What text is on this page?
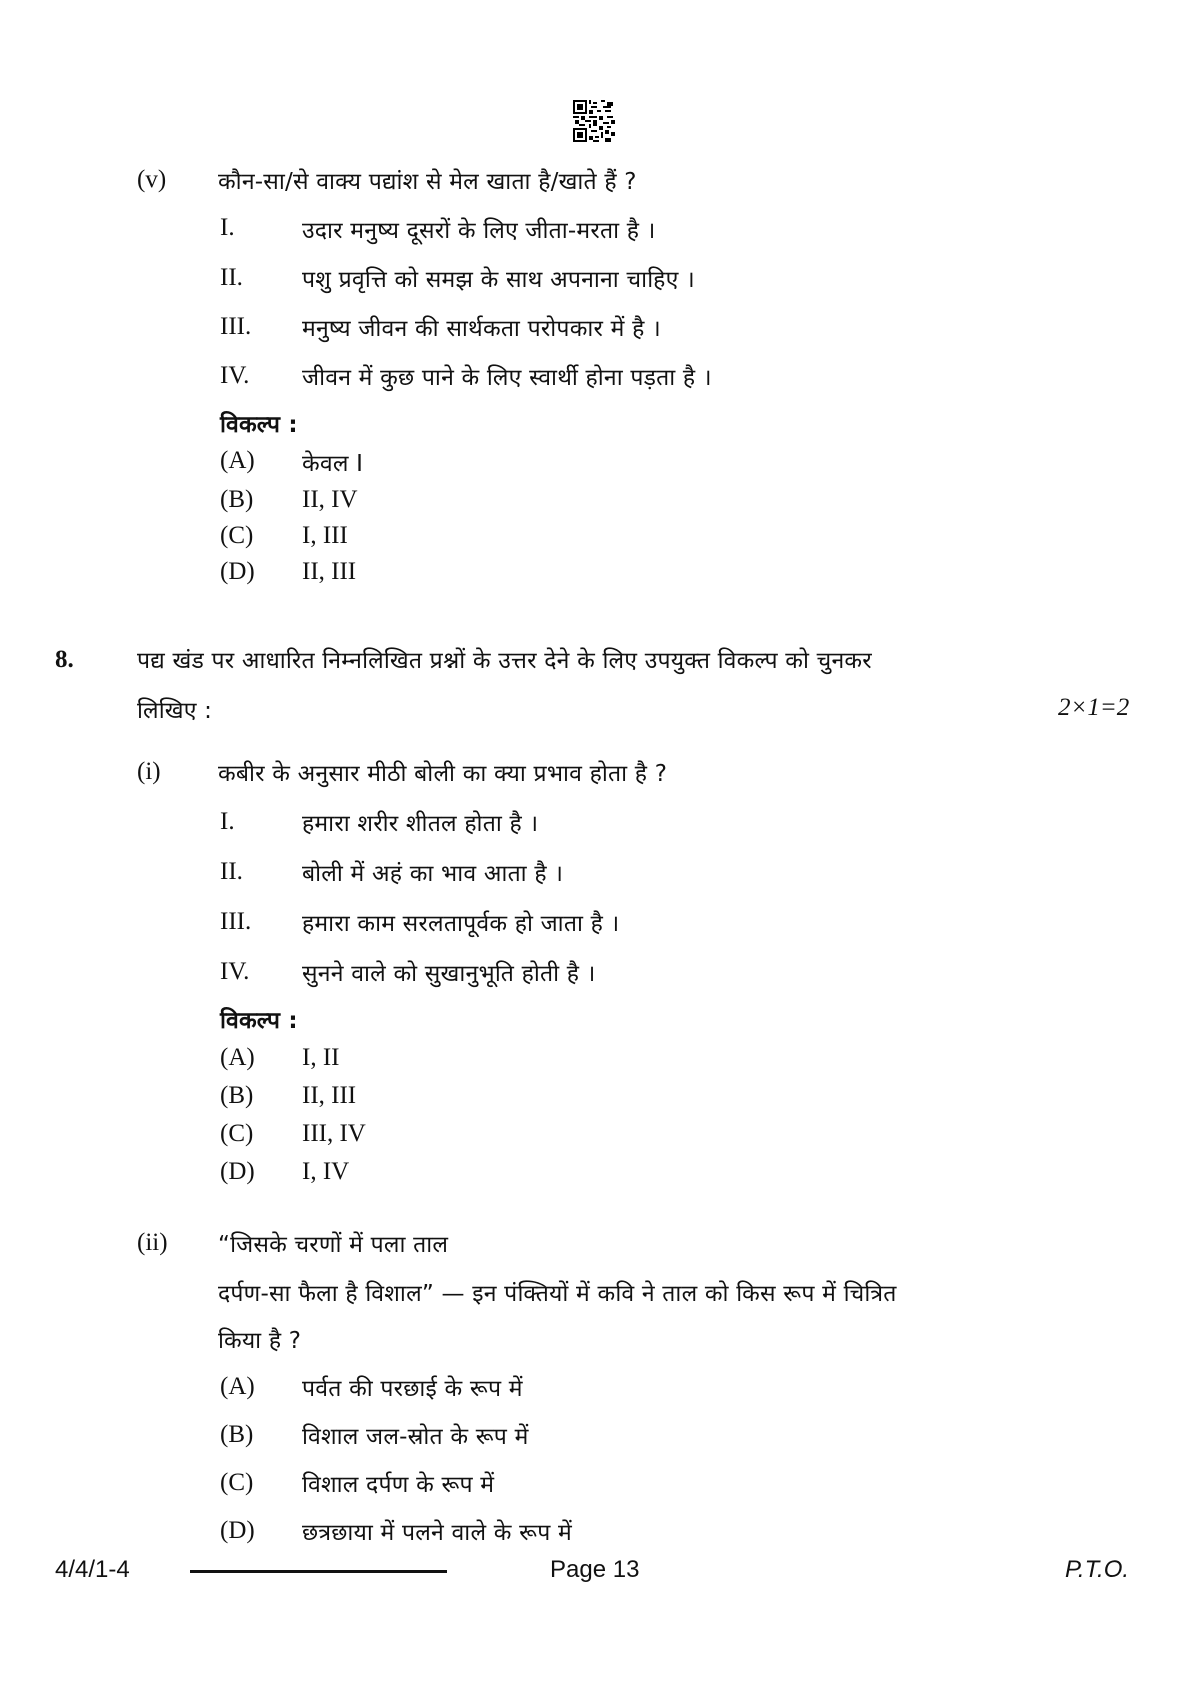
(v) कौन-सा/से वाक्य पद्यांश से मेल खाता है/खाते हैं ?
I.	उदार मनुष्य दूसरों के लिए जीता-मरता है ।
II.	पशु प्रवृत्ति को समझ के साथ अपनाना चाहिए ।
III. मनुष्य जीवन की सार्थकता परोपकार में है ।
IV. जीवन में कुछ पाने के लिए स्वार्थी होना पड़ता है ।
विकल्प :
(A) केवल I
(B) II, IV
(C) I, III
(D) II, III
8.	पद्य खंड पर आधारित निम्नलिखित प्रश्नों के उत्तर देने के लिए उपयुक्त विकल्प को चुनकर
लिखिए :	2×1=2
(i) कबीर के अनुसार मीठी बोली का क्या प्रभाव होता है ?
I.	हमारा शरीर शीतल होता है ।
II.	बोली में अहं का भाव आता है ।
III. हमारा काम सरलतापूर्वक हो जाता है ।
IV. सुनने वाले को सुखानुभूति होती है ।
विकल्प :
(A) I, II
(B) II, III
(C) III, IV
(D) I, IV
(ii) “जिसके चरणों में पला ताल
दर्पण-सा फैला है विशाल” — इन पंक्तियों में कवि ने ताल को किस रूप में चित्रित
किया है ?
(A) पर्वत की परछाई के रूप में
(B) विशाल जल-स्रोत के रूप में
(C) विशाल दर्पण के रूप में
(D) छत्रछाया में पलने वाले के रूप में
4/4/1-4	Page 13	P.T.O.
